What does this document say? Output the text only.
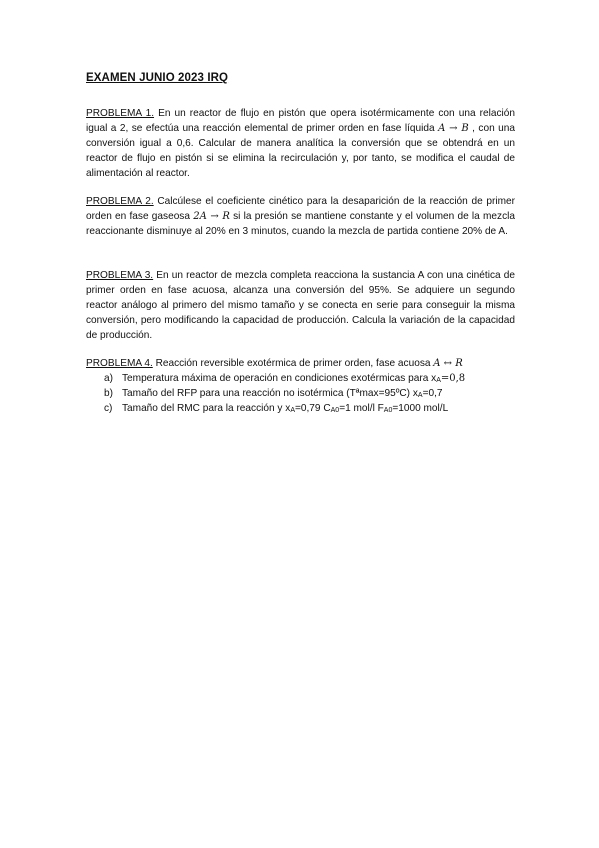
EXAMEN JUNIO 2023 IRQ
PROBLEMA 1. En un reactor de flujo en pistón que opera isotérmicamente con una relación igual a 2, se efectúa una reacción elemental de primer orden en fase líquida A → B , con una conversión igual a 0,6. Calcular de manera analítica la conversión que se obtendrá en un reactor de flujo en pistón si se elimina la recirculación y, por tanto, se modifica el caudal de alimentación al reactor.
PROBLEMA 2. Calcúlese el coeficiente cinético para la desaparición de la reacción de primer orden en fase gaseosa 2A → R si la presión se mantiene constante y el volumen de la mezcla reaccionante disminuye al 20% en 3 minutos, cuando la mezcla de partida contiene 20% de A.
PROBLEMA 3. En un reactor de mezcla completa reacciona la sustancia A con una cinética de primer orden en fase acuosa, alcanza una conversión del 95%. Se adquiere un segundo reactor análogo al primero del mismo tamaño y se conecta en serie para conseguir la misma conversión, pero modificando la capacidad de producción. Calcula la variación de la capacidad de producción.
PROBLEMA 4. Reacción reversible exotérmica de primer orden, fase acuosa A ↔ R
a) Temperatura máxima de operación en condiciones exotérmicas para $x_A=0,8$
b) Tamaño del RFP para una reacción no isotérmica (Tªmax=95ºC) $x_A=0,7$
c) Tamaño del RMC para la reacción y $x_A=0,79$ $C_{A0}=1$ mol/l $F_{A0}=1000$ mol/L
